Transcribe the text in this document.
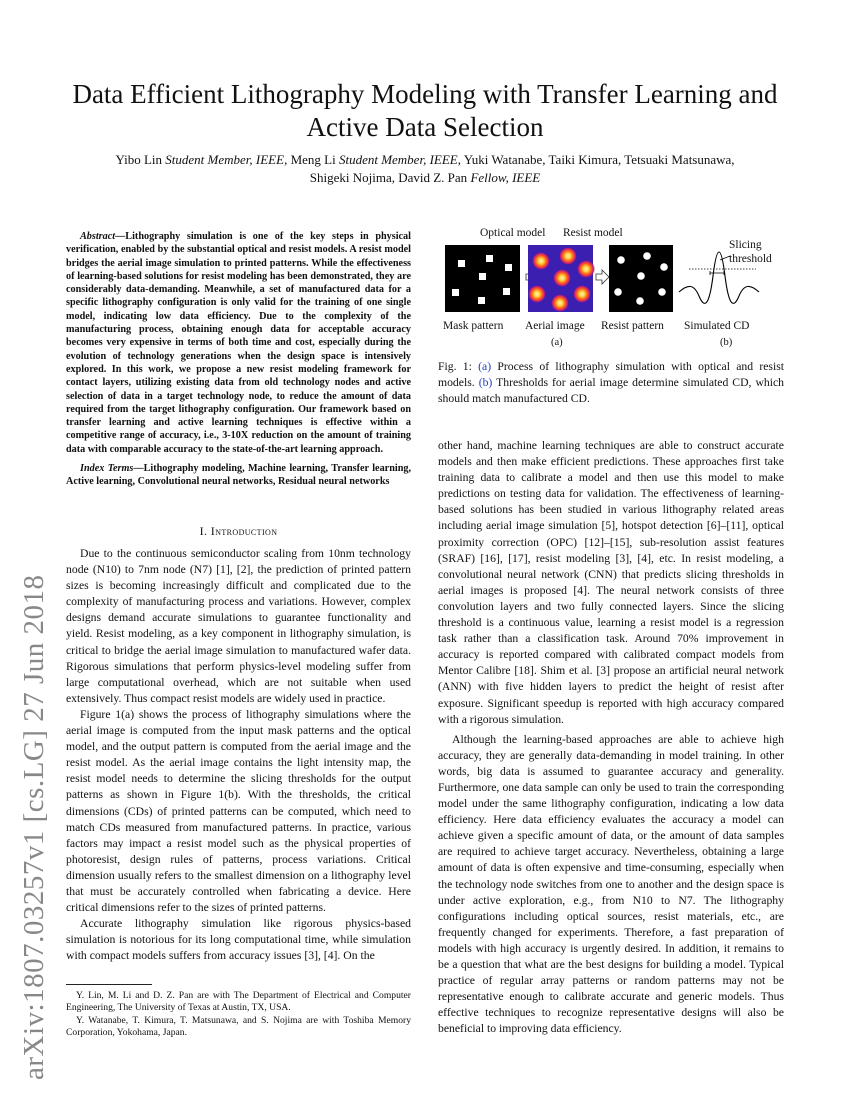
arXiv:1807.03257v1 [cs.LG] 27 Jun 2018
Data Efficient Lithography Modeling with Transfer Learning and Active Data Selection
Yibo Lin Student Member, IEEE, Meng Li Student Member, IEEE, Yuki Watanabe, Taiki Kimura, Tetsuaki Matsunawa,
Shigeki Nojima, David Z. Pan Fellow, IEEE

Abstract—Lithography simulation is one of the key steps in physical verification, enabled by the substantial optical and resist models. A resist model bridges the aerial image simulation to printed patterns. While the effectiveness of learning-based solutions for resist modeling has been demonstrated, they are considerably data-demanding. Meanwhile, a set of manufactured data for a specific lithography configuration is only valid for the training of one single model, indicating low data efficiency. Due to the complexity of the manufacturing process, obtaining enough data for acceptable accuracy becomes very expensive in terms of both time and cost, especially during the evolution of technology generations when the design space is intensively explored. In this work, we propose a new resist modeling framework for contact layers, utilizing existing data from old technology nodes and active selection of data in a target technology node, to reduce the amount of data required from the target lithography configuration. Our framework based on transfer learning and active learning techniques is effective within a competitive range of accuracy, i.e., 3-10X reduction on the amount of training data with comparable accuracy to the state-of-the-art learning approach.

Index Terms—Lithography modeling, Machine learning, Transfer learning, Active learning, Convolutional neural networks, Residual neural networks

I. Introduction

Due to the continuous semiconductor scaling from 10nm technology node (N10) to 7nm node (N7) [1], [2], the prediction of printed pattern sizes is becoming increasingly difficult and complicated due to the complexity of manufacturing process and variations. However, complex designs demand accurate simulations to guarantee functionality and yield. Resist modeling, as a key component in lithography simulation, is critical to bridge the aerial image simulation to manufactured wafer data. Rigorous simulations that perform physics-level modeling suffer from large computational overhead, which are not suitable when used extensively. Thus compact resist models are widely used in practice.

Figure 1(a) shows the process of lithography simulations where the aerial image is computed from the input mask patterns and the optical model, and the output pattern is computed from the aerial image and the resist model. As the aerial image contains the light intensity map, the resist model needs to determine the slicing thresholds for the output patterns as shown in Figure 1(b). With the thresholds, the critical dimensions (CDs) of printed patterns can be computed, which need to match CDs measured from manufactured patterns. In practice, various factors may impact a resist model such as the physical properties of photoresist, design rules of patterns, process variations. Critical dimension usually refers to the smallest dimension on a lithography level that must be accurately controlled when fabricating a device. Here critical dimensions refer to the sizes of printed patterns.

Accurate lithography simulation like rigorous physics-based simulation is notorious for its long computational time, while simulation with compact models suffers from accuracy issues [3], [4]. On the

Y. Lin, M. Li and D. Z. Pan are with The Department of Electrical and Computer Engineering, The University of Texas at Austin, TX, USA.

Y. Watanabe, T. Kimura, T. Matsunawa, and S. Nojima are with Toshiba Memory Corporation, Yokohama, Japan.

Optical model Resist model
Slicing
threshold
Mask pattern Aerial image Resist pattern Simulated CD
(a)	(b)

Fig. 1: (a) Process of lithography simulation with optical and resist models. (b) Thresholds for aerial image determine simulated CD, which should match manufactured CD.

other hand, machine learning techniques are able to construct accurate models and then make efficient predictions. These approaches first take training data to calibrate a model and then use this model to make predictions on testing data for validation. The effectiveness of learning-based solutions has been studied in various lithography related areas including aerial image simulation [5], hotspot detection [6]–[11], optical proximity correction (OPC) [12]–[15], sub-resolution assist features (SRAF) [16], [17], resist modeling [3], [4], etc. In resist modeling, a convolutional neural network (CNN) that predicts slicing thresholds in aerial images is proposed [4]. The neural network consists of three convolution layers and two fully connected layers. Since the slicing threshold is a continuous value, learning a resist model is a regression task rather than a classification task. Around 70% improvement in accuracy is reported compared with calibrated compact models from Mentor Calibre [18]. Shim et al. [3] propose an artificial neural network (ANN) with five hidden layers to predict the height of resist after exposure. Significant speedup is reported with high accuracy compared with a rigorous simulation.

Although the learning-based approaches are able to achieve high accuracy, they are generally data-demanding in model training. In other words, big data is assumed to guarantee accuracy and generality. Furthermore, one data sample can only be used to train the corresponding model under the same lithography configuration, indicating a low data efficiency. Here data efficiency evaluates the accuracy a model can achieve given a specific amount of data, or the amount of data samples are required to achieve target accuracy. Nevertheless, obtaining a large amount of data is often expensive and time-consuming, especially when the technology node switches from one to another and the design space is under active exploration, e.g., from N10 to N7. The lithography configurations including optical sources, resist materials, etc., are frequently changed for experiments. Therefore, a fast preparation of models with high accuracy is urgently desired. In addition, it remains to be a question that what are the best designs for building a model. Typical practice of regular array patterns or random patterns may not be representative enough to calibrate accurate and generic models. Thus effective techniques to recognize representative designs will also be beneficial to improving data efficiency.
